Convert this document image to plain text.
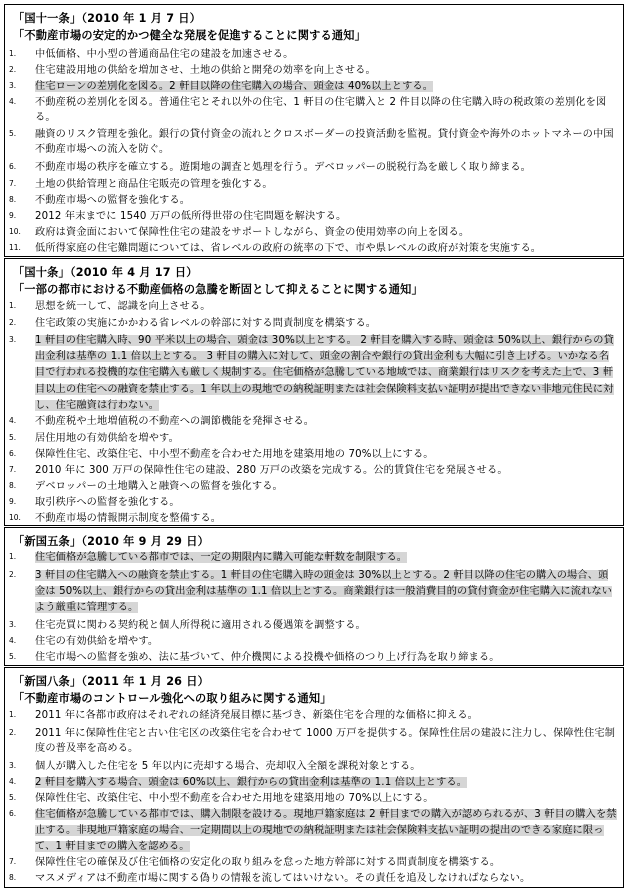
「国十一条」（2010 年 1 月 7 日）
「不動産市場の安定的かつ健全な発展を促進することに関する通知」
1.	中低価格、中小型の普通商品住宅の建設を加速させる。
2.	住宅建設用地の供給を増加させ、土地の供給と開発の効率を向上させる。
3.	住宅ローンの差別化を図る。2 軒目以降の住宅購入の場合、頭金は 40%以上とする。
4.	不動産税の差別化を図る。普通住宅とそれ以外の住宅、1 軒目の住宅購入と 2 件目以降の住宅購入時の税政策の差別化を図る。
5.	融資のリスク管理を強化。銀行の貸付資金の流れとクロスボーダーの投資活動を監視。貸付資金や海外のホットマネーの中国不動産市場への流入を防ぐ。
6.	不動産市場の秩序を確立する。遊閑地の調査と処理を行う。デベロッパーの脱税行為を厳しく取り締まる。
7.	土地の供給管理と商品住宅販売の管理を強化する。
8.	不動産市場への監督を強化する。
9.	2012 年末までに 1540 万戸の低所得世帯の住宅問題を解決する。
10.	政府は資金面において保障性住宅の建設をサポートしながら、資金の使用効率の向上を図る。
11.	低所得家庭の住宅難問題については、省レベルの政府の統率の下で、市や県レベルの政府が対策を実施する。
「国十条」（2010 年 4 月 17 日）
「一部の都市における不動産価格の急騰を断固として抑えることに関する通知」
1.	思想を統一して、認識を向上させる。
2.	住宅政策の実施にかかわる省レベルの幹部に対する問責制度を構築する。
3.	1 軒目の住宅購入時、90 平米以上の場合、頭金は 30%以上とする。 2 軒目を購入する時、頭金は 50%以上、銀行からの貸出金利は基準の 1.1 倍以上とする。 3 軒目の購入に対して、頭金の割合や銀行の貸出金利も大幅に引き上げる。いかなる名目で行われる投機的な住宅購入も厳しく規制する。住宅価格が急騰している地域では、商業銀行はリスクを考えた上で、3 軒目以上の住宅への融資を禁止する。1 年以上の現地での納税証明または社会保険料支払い証明が提出できない非地元住民に対し、住宅融資は行わない。
4.	不動産税や土地増値税の不動産への調節機能を発揮させる。
5.	居住用地の有効供給を増やす。
6.	保障性住宅、改築住宅、中小型不動産を合わせた用地を建築用地の 70%以上にする。
7.	2010 年に 300 万戸の保障性住宅の建設、280 万戸の改築を完成する。公的賃貸住宅を発展させる。
8.	デベロッパーの土地購入と融資への監督を強化する。
9.	取引秩序への監督を強化する。
10.	不動産市場の情報開示制度を整備する。
「新国五条」（2010 年 9 月 29 日）
1.	住宅価格が急騰している都市では、一定の期限内に購入可能な軒数を制限する。
2.	3 軒目の住宅購入への融資を禁止する。1 軒目の住宅購入時の頭金は 30%以上とする。2 軒目以降の住宅の購入の場合、頭金は 50%以上、銀行からの貸出金利は基準の 1.1 倍以上とする。商業銀行は一般消費目的の貸付資金が住宅購入に流れないよう厳重に管理する。
3.	住宅売買に関わる契約税と個人所得税に適用される優遇策を調整する。
4.	住宅の有効供給を増やす。
5.	住宅市場への監督を強め、法に基づいて、仲介機関による投機や価格のつり上げ行為を取り締まる。
「新国八条」（2011 年 1 月 26 日）
「不動産市場のコントロール強化への取り組みに関する通知」
1.	2011 年に各都市政府はそれぞれの経済発展目標に基づき、新築住宅を合理的な価格に抑える。
2.	2011 年に保障性住宅と古い住宅区の改築住宅を合わせて 1000 万戸を提供する。保障性住居の建設に注力し、保障性住宅制度の普及率を高める。
3.	個人が購入した住宅を 5 年以内に売却する場合、売却収入全額を課税対象とする。
4.	2 軒目を購入する場合、頭金は 60%以上、銀行からの貸出金利は基準の 1.1 倍以上とする。
5.	保障性住宅、改築住宅、中小型不動産を合わせた用地を建築用地の 70%以上にする。
6.	住宅価格が急騰している都市では、購入制限を設ける。現地戸籍家庭は 2 軒目までの購入が認められるが、3 軒目の購入を禁止する。非現地戸籍家庭の場合、一定期間以上の現地での納税証明または社会保険料支払い証明の提出のできる家庭に限って、1 軒目までの購入を認める。
7.	保障性住宅の確保及び住宅価格の安定化の取り組みを怠った地方幹部に対する問責制度を構築する。
8.	マスメディアは不動産市場に関する偽りの情報を流してはいけない。その責任を追及しなければならない。
